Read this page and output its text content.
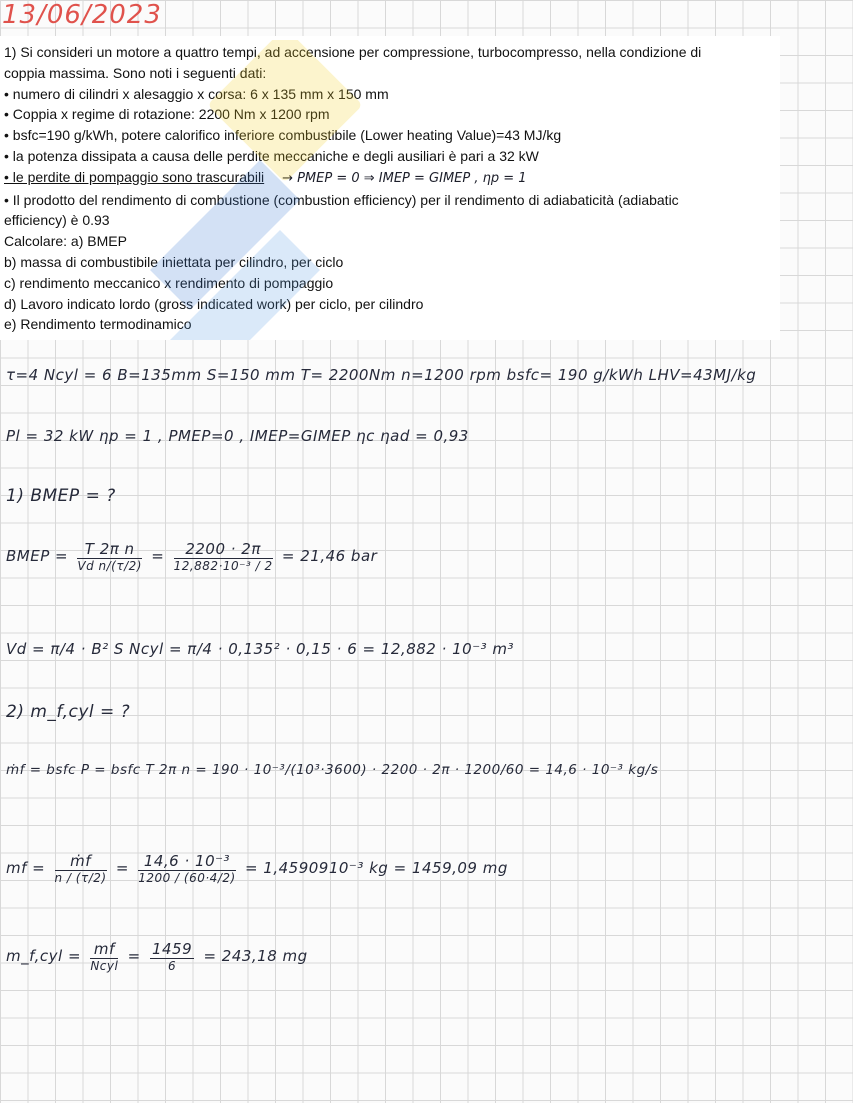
13/06/2023
1) Si consideri un motore a quattro tempi, ad accensione per compressione, turbocompresso, nella condizione di
coppia massima. Sono noti i seguenti dati:
• numero di cilindri x alesaggio x corsa: 6 x 135 mm x 150 mm
• Coppia x regime di rotazione: 2200 Nm x 1200 rpm
• bsfc=190 g/kWh, potere calorifico inferiore combustibile (Lower heating Value)=43 MJ/kg
• la potenza dissipata a causa delle perdite meccaniche e degli ausiliari è pari a 32 kW
• le perdite di pompaggio sono trascurabili → PMEP = 0 ⇒ IMEP = GIMEP , ηp = 1
• Il prodotto del rendimento di combustione (combustion efficiency) per il rendimento di adiabaticità (adiabatic
efficiency) è 0.93
Calcolare: a) BMEP
b) massa di combustibile iniettata per cilindro, per ciclo
c) rendimento meccanico x rendimento di pompaggio
d) Lavoro indicato lordo (gross indicated work) per ciclo, per cilindro
e) Rendimento termodinamico
τ=4 Ncyl = 6 B=135mm S=150 mm T= 2200Nm n=1200 rpm bsfc= 190 g/kWh LHV=43MJ/kg
Pl = 32 kW ηp = 1 , PMEP=0 , IMEP=GIMEP ηc ηad = 0,93
1) BMEP = ?
BMEP = $\frac{\text{T 2π n}}{\text{Vd n/(τ/2)}} = \frac{2200 \cdot 2\pi}{\text{12,882·10⁻³ / 2}} = 21,46$ bar
Vd = π/4 · B² S Ncyl = π/4 · 0,135² · 0,15 · 6 = 12,882 · 10⁻³ m³
2) m_f,cyl = ?
ṁf = bsfc P = bsfc T 2π n = 190 · 10⁻³/(10³·3600) · 2200 · 2π · 1200/60 = 14,6 · 10⁻³ kg/s
mf = $\frac{\text{ṁf}}{n / (\tau/2)} = \frac{\text{14,6 · 10⁻³}}{1200 / (60\cdot 4/2)} = 1,4590910^{-3}$ kg = 1459,09 mg
m_f,cyl = $\frac{mf}{\text{Ncyl}} = \frac{1459}{6} = 243,18$ mg
